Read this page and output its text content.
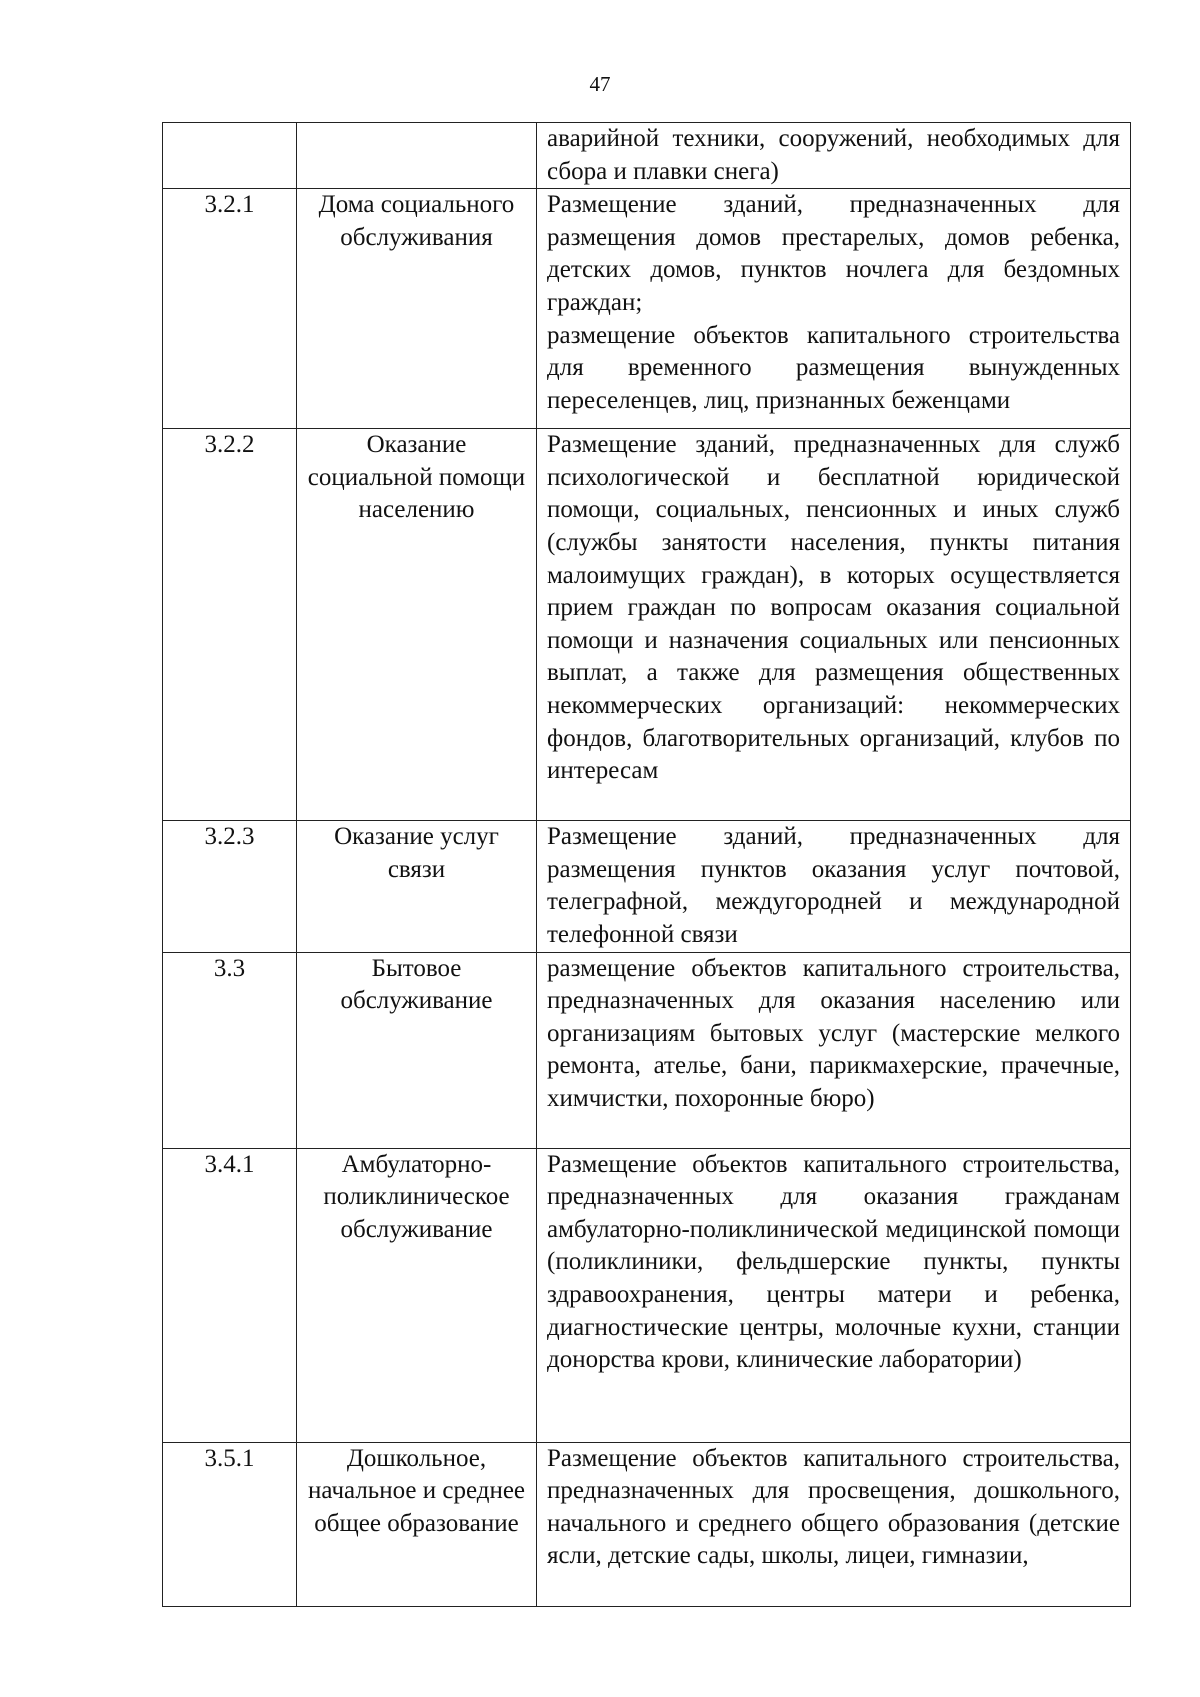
47

		аварийной техники, сооружений, необходимых для сбора и плавки снега)

3.2.1	Дома социального обслуживания	Размещение зданий, предназначенных для размещения домов престарелых, домов ребенка, детских домов, пунктов ночлега для бездомных граждан;
размещение объектов капитального строительства для временного размещения вынужденных переселенцев, лиц, признанных беженцами

3.2.2	Оказание социальной помощи населению	Размещение зданий, предназначенных для служб психологической и бесплатной юридической помощи, социальных, пенсионных и иных служб (службы занятости населения, пункты питания малоимущих граждан), в которых осуществляется прием граждан по вопросам оказания социальной помощи и назначения социальных или пенсионных выплат, а также для размещения общественных некоммерческих организаций: некоммерческих фондов, благотворительных организаций, клубов по интересам

3.2.3	Оказание услуг связи	Размещение зданий, предназначенных для размещения пунктов оказания услуг почтовой, телеграфной, междугородней и международной телефонной связи

3.3	Бытовое обслуживание	размещение объектов капитального строительства, предназначенных для оказания населению или организациям бытовых услуг (мастерские мелкого ремонта, ателье, бани, парикмахерские, прачечные, химчистки, похоронные бюро)

3.4.1	Амбулаторно-поликлиническое обслуживание	Размещение объектов капитального строительства, предназначенных для оказания гражданам амбулаторно-поликлинической медицинской помощи (поликлиники, фельдшерские пункты, пункты здравоохранения, центры матери и ребенка, диагностические центры, молочные кухни, станции донорства крови, клинические лаборатории)

3.5.1	Дошкольное, начальное и среднее общее образование	Размещение объектов капитального строительства, предназначенных для просвещения, дошкольного, начального и среднего общего образования (детские ясли, детские сады, школы, лицеи, гимназии,
